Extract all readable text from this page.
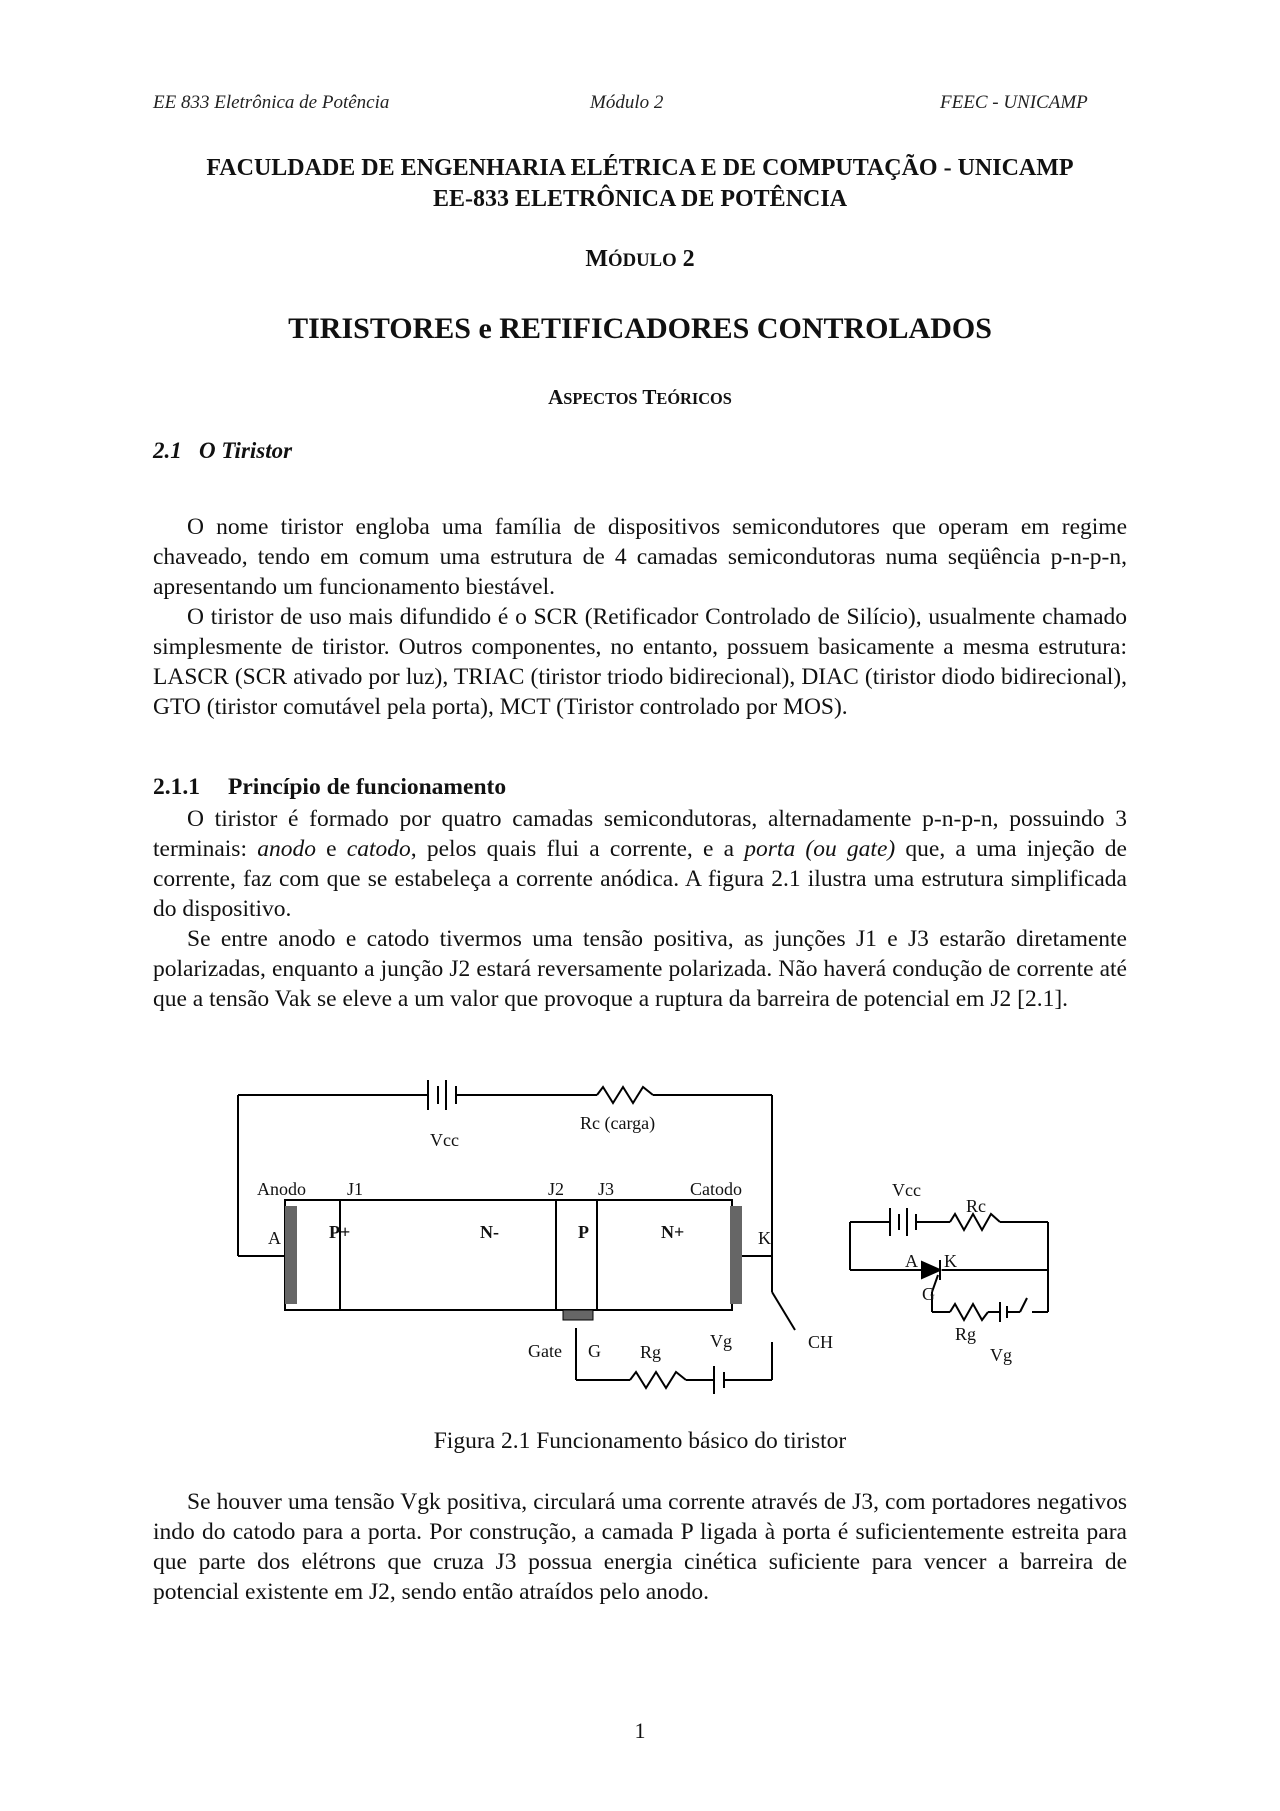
EE 833 Eletrônica de Potência	Módulo 2	FEEC - UNICAMP
FACULDADE DE ENGENHARIA ELÉTRICA E DE COMPUTAÇÃO - UNICAMP
EE-833 ELETRÔNICA DE POTÊNCIA
MÓDULO 2
TIRISTORES e RETIFICADORES CONTROLADOS
ASPECTOS TEÓRICOS
2.1   O Tiristor

O nome tiristor engloba uma família de dispositivos semicondutores que operam em regime chaveado, tendo em comum uma estrutura de 4 camadas semicondutoras numa seqüência p-n-p-n, apresentando um funcionamento biestável.

O tiristor de uso mais difundido é o SCR (Retificador Controlado de Silício), usualmente chamado simplesmente de tiristor. Outros componentes, no entanto, possuem basicamente a mesma estrutura: LASCR (SCR ativado por luz), TRIAC (tiristor triodo bidirecional), DIAC (tiristor diodo bidirecional), GTO (tiristor comutável pela porta), MCT (Tiristor controlado por MOS).

2.1.1 Princípio de funcionamento

O tiristor é formado por quatro camadas semicondutoras, alternadamente p-n-p-n, possuindo 3 terminais: anodo e catodo, pelos quais flui a corrente, e a porta (ou gate) que, a uma injeção de corrente, faz com que se estabeleça a corrente anódica. A figura 2.1 ilustra uma estrutura simplificada do dispositivo.

Se entre anodo e catodo tivermos uma tensão positiva, as junções J1 e J3 estarão diretamente polarizadas, enquanto a junção J2 estará reversamente polarizada. Não haverá condução de corrente até que a tensão Vak se eleve a um valor que provoque a ruptura da barreira de potencial em J2 [2.1].

Vcc
Rc (carga)
Anodo J1	J2 J3	Catodo
A	K
P+	N-	P	N+
Gate G Rg
Vg	CH
Vcc
Rc
A K
G
Rg
Vg
Figura 2.1 Funcionamento básico do tiristor

Se houver uma tensão Vgk positiva, circulará uma corrente através de J3, com portadores negativos indo do catodo para a porta. Por construção, a camada P ligada à porta é suficientemente estreita para que parte dos elétrons que cruza J3 possua energia cinética suficiente para vencer a barreira de potencial existente em J2, sendo então atraídos pelo anodo.

1
